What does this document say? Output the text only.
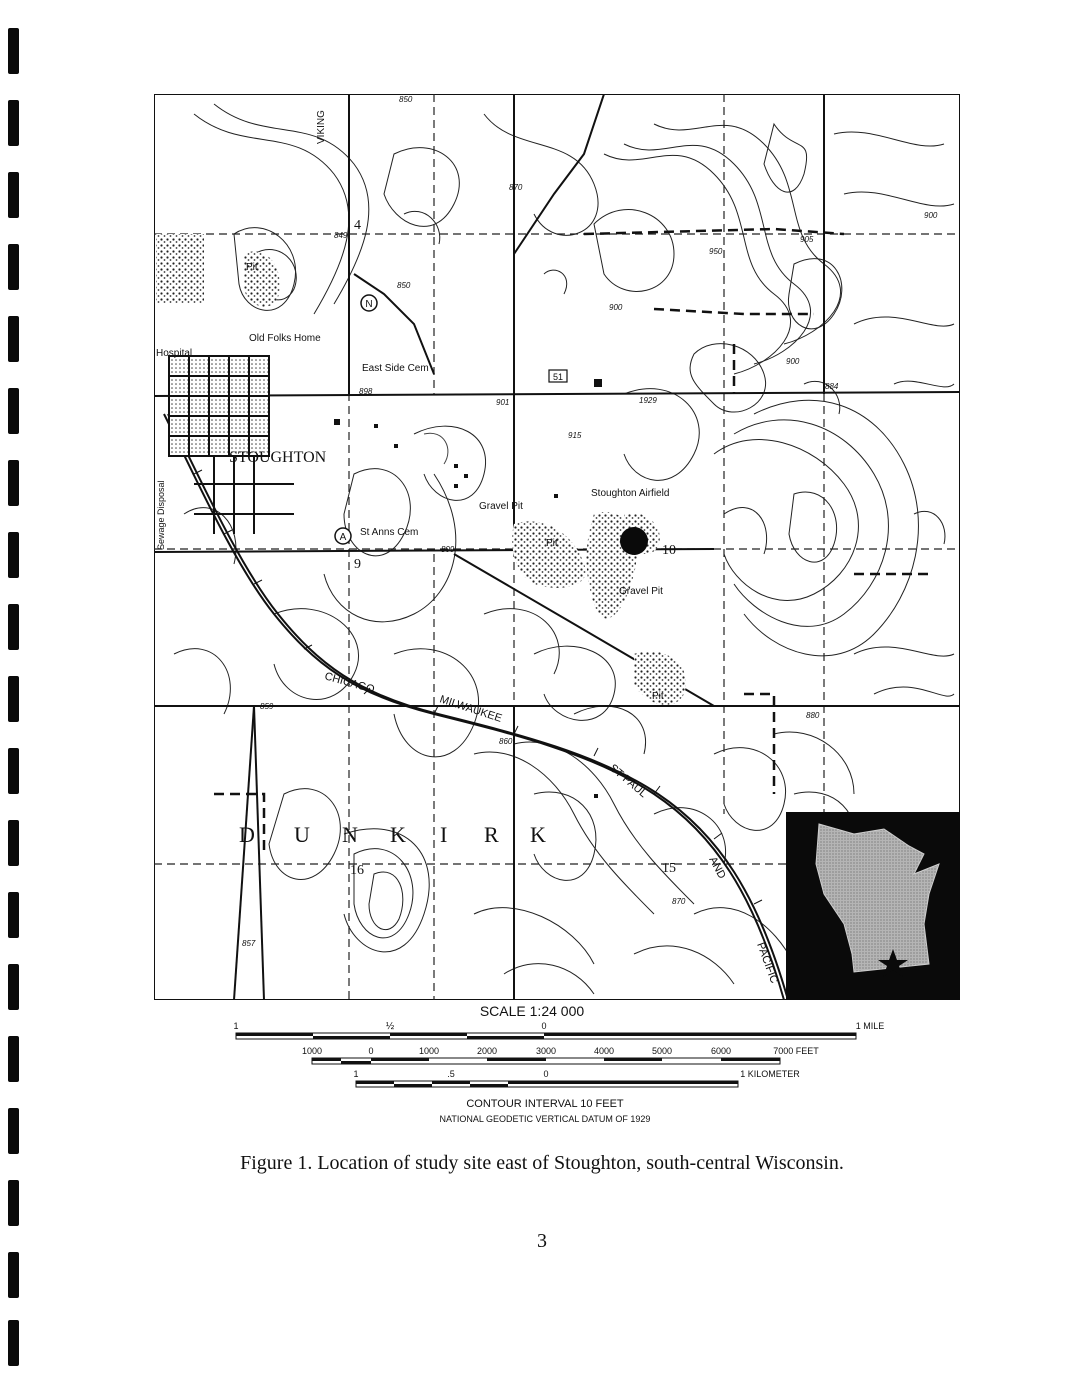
N
A
51
STOUGHTON
Hospital
Old Folks Home
East Side Cem
St Anns Cem
Stoughton Airfield
Gravel Pit
Gravel Pit
Pit
Pit
Pit
Sewage Disposal
VIKING
CHICAGO
MILWAUKEE
ST PAUL
AND
PACIFIC
D U N K I R K
4
9
10
15
16
850
850
849
870
950
905
900
900
900
884
898
901
915
1929
899
880
859
857
860
870
SCALE 1:24 000
1	½	0	1 MILE
1000	0	1000	2000	3000	4000	5000	6000	7000 FEET
1	.5	0	1 KILOMETER
CONTOUR INTERVAL 10 FEET
NATIONAL GEODETIC VERTICAL DATUM OF 1929
Figure 1. Location of study site east of Stoughton, south-central Wisconsin.
3
